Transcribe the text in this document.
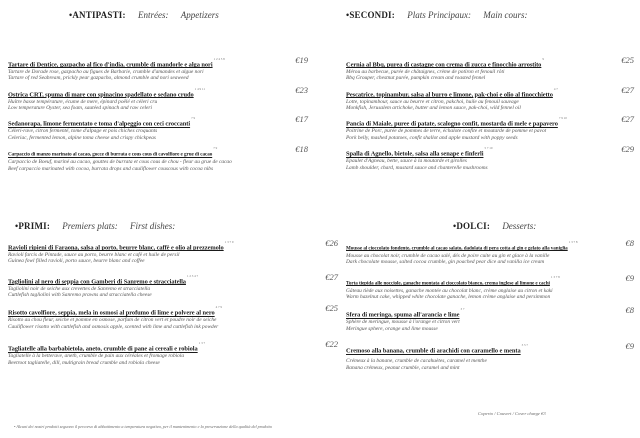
•ANTIPASTI: Entrées: Appetizers	•SECONDI: Plats Principaux: Main cours:
Tartare di Dentice, gazpacho al fico d'india, crumble di mandorle e alga nori$^{1 2 4 5 8}$
Tartare de Dorade rose, gazpacho au figues de Barbarie, crumble d'amandes et algue nori
Tartare of red Seabream, prickly pear gazpacho, almond crumble and nori seaweed
€19
Ostrica CRT, spuma di mare con spinacino spadellato e sedano crudo$^{1 4 9 11}$
Huître basse température, écume de mere, épinard poêlé et céleri cru
Low temperature Oyster, sea foam, sautéed spinach and raw celeri
€23
Sedanorapa, limone fermentato e toma d'alpeggio con ceci croccanti$^{7 9}$
Céleri-rave, citron fermenté, tome d'alpage et pois chiches croquants
Celeriac, fermented lemon, alpine toma cheese and crispy chickpeas
€17
Carpaccio di manzo marinato al cacao, gocce di burrata e cous cous di cavolfiore e grue di cacao$^{7 9}$
Carpaccio de Boeuf, mariné au cacao, gouttes de burrata et cous cous de chou - fleur au grue de cacao
Beef carpaccio marinated with cocoa, burrata drops and cauliflower couscous with cocoa nibs
€18
Cernia al Bbq, purea di castagne con crema di zucca e finocchio arrostito$^9$
Mérou au barbecue, purée de châtaignes, crème de potiron et fenouil rôti
Bbq Grouper, chestnut purée, pumpkin cream and roasted fennel
€25
Pescatrice, topinambur, salsa al burro e limone, pak-choi e olio al finocchietto$^{4 7}$
Lotte, topinambour, sauce au beurre et citron, pakchoi, huile au fenouil sauvage
Monkfish, Jerusalem artichoke, butter and lemon sauce, pak-choi, wild fennel oil
€27
Pancia di Maiale, puree di patate, scalogno confit, mostarda di mele e papavero$^{7 9 10}$
Poitrine de Porc, purée de pommes de terre, échalote confite et moutarde de pomme et pavot
Pork belly, mashed potatoes, confit shallot and apple mustard with poppy seeds
€27
Spalla di Agnello, bietole, salsa alla senape e finferli$^{5 7 10}$
Epaulet d'Agneau, bette, sauce à la moutarde et girolles
Lamb shoulder, chard, mustard sauce and chanterelle mushrooms
€29
•PRIMI: Premiers plats: First dishes:	•DOLCI: Desserts:
Ravioli ripieni di Faraona, salsa al porto, beurre blanc, caffè e olio al prezzemolo$^{1 3 7 9}$
Ravioli farcis de Pintade, sauce au porto, beurre blanc et café et huile de persil
Guinea fowl filled ravioli, porto sauce, beurre blanc and coffee
€26
Tagliolini al nero di seppia con Gamberi di Sanremo e stracciatella$^{1 2 3 4 7}$
Tagliolini noir de seiche aux crevettes de Sanremo et stracciatella
Cuttlefish tagliolini with Sanremo prawns and stracciatella cheese
€27
Risotto cavolfiore, seppia, mela in osmosi al profumo di lime e polvere al nero$^{4 7 9}$
Risotto au chou fleur, seiche et pomme en osmose, parfum de citron vert et poudre noir de seiche
Cauliflower risotto with cuttlefish and osmosis apple, scented with lime and cuttlefish ink powder
€25
Tagliatelle alla barbabietola, aneto, crumble di pane ai cereali e robiola$^{1 3 7}$
Tagliatelle à la betterave, aneth, crumble de pain aux céréales et fromage robiola
Beetroot tagliatelle, dill, multigrain bread crumble and robiola cheese
€22
Mousse al cioccolato fondente, crumble al cacao salato, dadolata di pera cotta al gin e gelato alla vaniglia$^{1 3 7 8}$
Mousse au chocolat noir, crumble de cacao salé, dés de poire cuite au gin et glace à la vanille
Dark chocolate mousse, salted cocoa crumble, gin poached pear dice and vanilla ice cream
€8
Torta tiepida alle nocciole, ganache montata al cioccolato bianco, crema inglese al limone e cachi$^{1 3 7 8}$
Gâteau tiède aux noisettes, ganache montée au chocolat blanc, crème anglaise au citron et kaki
Warm hazelnut cake, whipped white chocolate ganache, lemon crème anglaise and persimmon
€9
Sfera di meringa, spuma all'arancia e lime$^{3 7}$
Sphère de meringue, mousse à l'orange et citron vert
Meringue sphere, orange and lime mousse
€8
Cremoso alla banana, crumble di arachidi con caramello e menta$^{3 5 7}$
Crémeux à la banane, crumble de cacahuètes, caramel et menthe
Banana crémeux, peanut crumble, caramel and mint
€9
Coperto / Couvert / Cover charge €3
• Alcuni dei nostri prodotti seguono il percorso di abbattimento a temperatura negativa, per il mantenimento e la preservazione della qualità del prodotto
